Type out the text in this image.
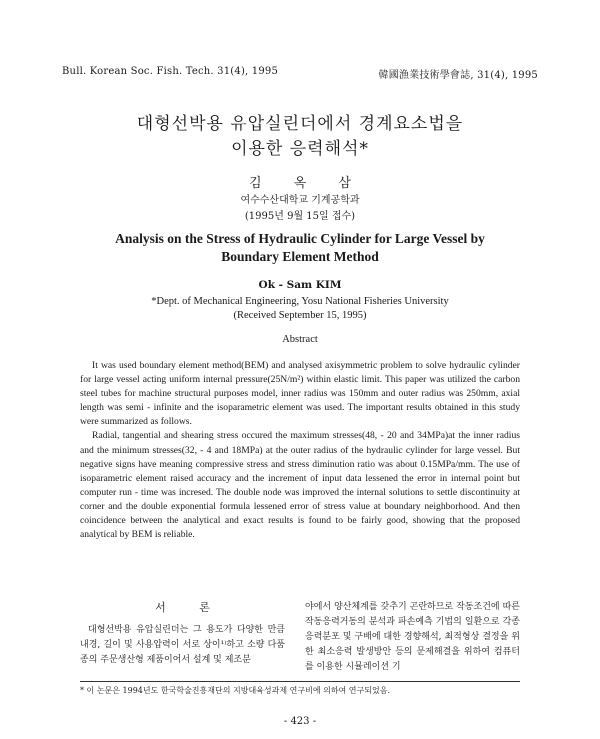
Bull. Korean Soc. Fish. Tech. 31(4), 1995	韓國漁業技術學會誌, 31(4), 1995
대형선박용 유압실린더에서 경계요소법을
이용한 응력해석*
김 옥 삼
여수수산대학교 기계공학과
(1995년 9월 15일 접수)
Analysis on the Stress of Hydraulic Cylinder for Large Vessel by
Boundary Element Method
Ok - Sam KIM
*Dept. of Mechanical Engineering, Yosu National Fisheries University
(Received September 15, 1995)
Abstract

It was used boundary element method(BEM) and analysed axisymmetric problem to solve hydraulic cylinder for large vessel acting uniform internal pressure(25N/m²) within elastic limit. This paper was utilized the carbon steel tubes for machine structural purposes model, inner radius was 150mm and outer radius was 250mm, axial length was semi - infinite and the isoparametric element was used. The important results obtained in this study were summarized as follows.

Radial, tangential and shearing stress occured the maximum stresses(48, - 20 and 34MPa)at the inner radius and the minimum stresses(32, - 4 and 18MPa) at the outer radius of the hydraulic cylinder for large vessel. But negative signs have meaning compressive stress and stress diminution ratio was about 0.15MPa/mm. The use of isoparametric element raised accuracy and the increment of input data lessened the error in internal point but computer run - time was incresed. The double node was improved the internal solutions to settle discontinuity at corner and the double exponential formula lessened error of stress value at boundary neighborhood. And then coincidence between the analytical and exact results is found to be fairly good, showing that the proposed analytical by BEM is reliable.

서 론

대형선박용 유압실린더는 그 용도가 다양한 만큼 내경, 길이 및 사용압력이 서로 상이¹⁾하고 소량 다품종의 주문생산형 제품이어서 설계 및 제조분

야에서 양산체계를 갖추기 곤란하므로 작동조건에 따른 작동응력거동의 분석과 파손예측 기법의 일환으로 각종 응력분포 및 구배에 대한 경향해석, 최적형상 결정을 위한 최소응력 발생방안 등의 문제해결을 위하여 컴퓨터를 이용한 시뮬레이션 기

* 이 논문은 1994년도 한국학술진흥재단의 지방대육성과제 연구비에 의하여 연구되었음.
- 423 -
